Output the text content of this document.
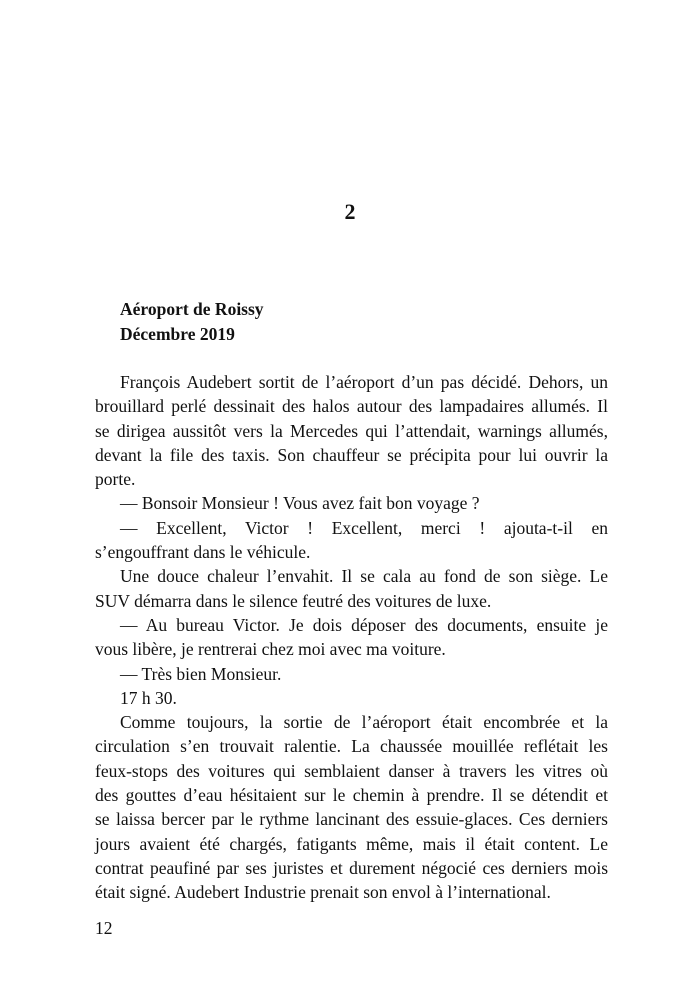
2
Aéroport de Roissy
Décembre 2019
François Audebert sortit de l’aéroport d’un pas décidé. Dehors, un
brouillard perlé dessinait des halos autour des lampadaires allumés. Il
se dirigea aussitôt vers la Mercedes qui l’attendait, warnings allumés,
devant la file des taxis. Son chauffeur se précipita pour lui ouvrir la
porte.
— Bonsoir Monsieur ! Vous avez fait bon voyage ?
— Excellent, Victor ! Excellent, merci ! ajouta-t-il en
s’engouffrant dans le véhicule.
Une douce chaleur l’envahit. Il se cala au fond de son siège. Le
SUV démarra dans le silence feutré des voitures de luxe.
— Au bureau Victor. Je dois déposer des documents, ensuite je
vous libère, je rentrerai chez moi avec ma voiture.
— Très bien Monsieur.
17 h 30.
Comme toujours, la sortie de l’aéroport était encombrée et la
circulation s’en trouvait ralentie. La chaussée mouillée reflétait les
feux-stops des voitures qui semblaient danser à travers les vitres où
des gouttes d’eau hésitaient sur le chemin à prendre. Il se détendit et
se laissa bercer par le rythme lancinant des essuie-glaces. Ces derniers
jours avaient été chargés, fatigants même, mais il était content. Le
contrat peaufiné par ses juristes et durement négocié ces derniers mois
était signé. Audebert Industrie prenait son envol à l’international.
12
